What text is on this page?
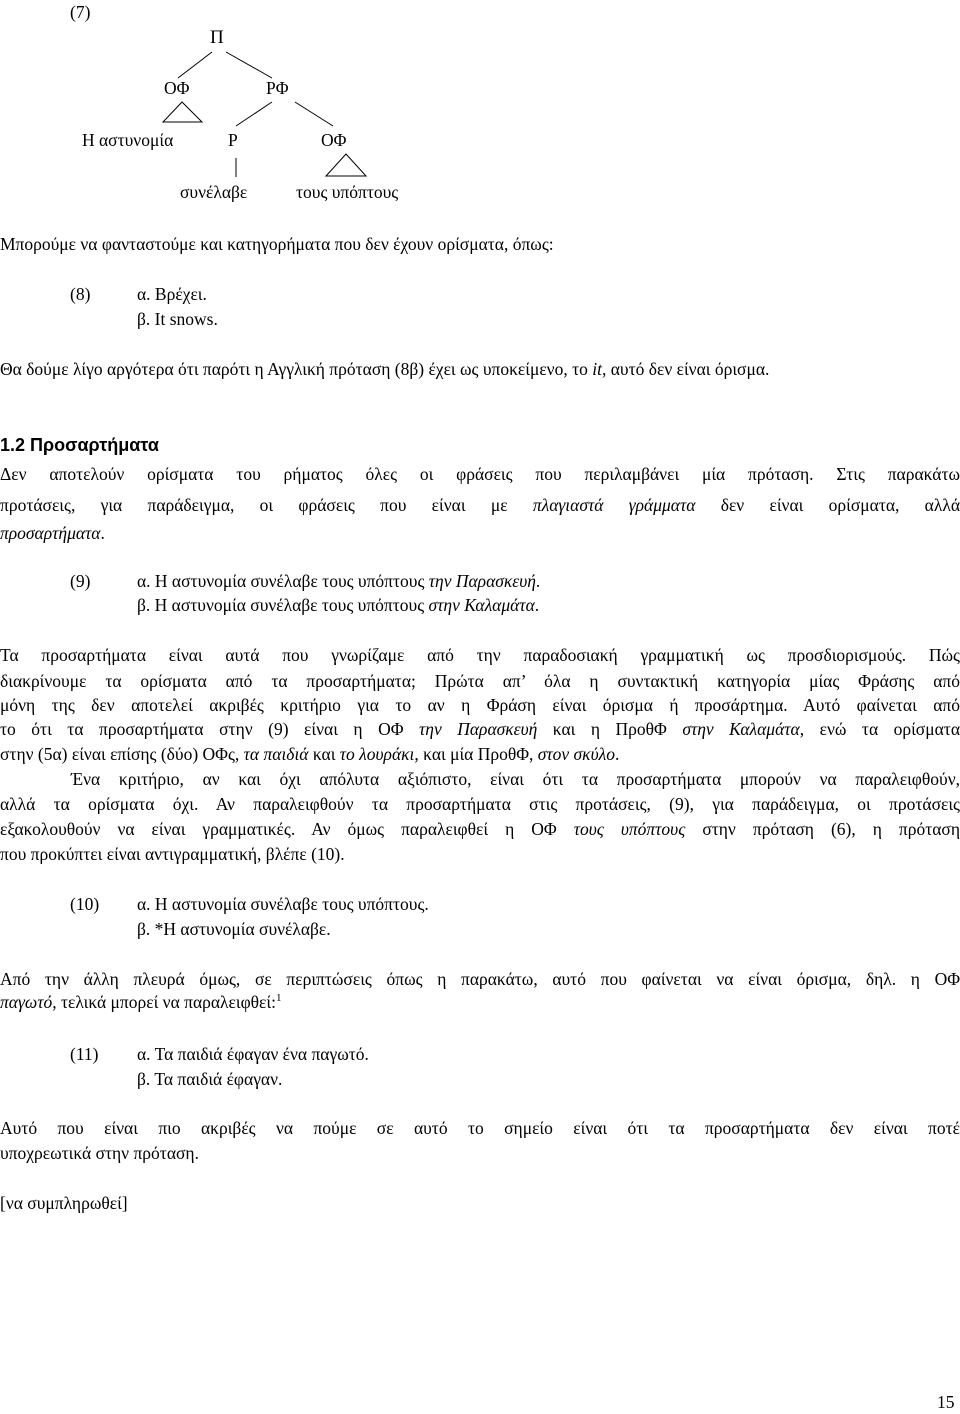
(7)
Π
ΟΦ	ΡΦ
Η αστυνομία	Ρ	ΟΦ
συνέλαβε	τους υπόπτους
Μπορούμε να φανταστούμε και κατηγορήματα που δεν έχουν ορίσματα, όπως:
(8)	α. Βρέχει.
β. It snows.
Θα δούμε λίγο αργότερα ότι παρότι η Αγγλική πρόταση (8β) έχει ως υποκείμενο, το it, αυτό δεν είναι όρισμα.
1.2 Προσαρτήματα
Δεν αποτελούν ορίσματα του ρήματος όλες οι φράσεις που περιλαμβάνει μία πρόταση. Στις παρακάτω
προτάσεις, για παράδειγμα, οι φράσεις που είναι με πλαγιαστά γράμματα δεν είναι ορίσματα, αλλά
προσαρτήματα.
(9)	α. Η αστυνομία συνέλαβε τους υπόπτους την Παρασκευή.
β. Η αστυνομία συνέλαβε τους υπόπτους στην Καλαμάτα.
Τα προσαρτήματα είναι αυτά που γνωρίζαμε από την παραδοσιακή γραμματική ως προσδιορισμούς. Πώς
διακρίνουμε τα ορίσματα από τα προσαρτήματα; Πρώτα απ’ όλα η συντακτική κατηγορία μίας Φράσης από
μόνη της δεν αποτελεί ακριβές κριτήριο για το αν η Φράση είναι όρισμα ή προσάρτημα. Αυτό φαίνεται από
το ότι τα προσαρτήματα στην (9) είναι η ΟΦ την Παρασκευή και η ΠροθΦ στην Καλαμάτα, ενώ τα ορίσματα
στην (5α) είναι επίσης (δύο) ΟΦς, τα παιδιά και το λουράκι, και μία ΠροθΦ, στον σκύλο.
Ένα κριτήριο, αν και όχι απόλυτα αξιόπιστο, είναι ότι τα προσαρτήματα μπορούν να παραλειφθούν,
αλλά τα ορίσματα όχι. Αν παραλειφθούν τα προσαρτήματα στις προτάσεις, (9), για παράδειγμα, οι προτάσεις
εξακολουθούν να είναι γραμματικές. Αν όμως παραλειφθεί η ΟΦ τους υπόπτους στην πρόταση (6), η πρόταση
που προκύπτει είναι αντιγραμματική, βλέπε (10).
(10) α. Η αστυνομία συνέλαβε τους υπόπτους.
β. *Η αστυνομία συνέλαβε.
Από την άλλη πλευρά όμως, σε περιπτώσεις όπως η παρακάτω, αυτό που φαίνεται να είναι όρισμα, δηλ. η ΟΦ
παγωτό, τελικά μπορεί να παραλειφθεί:$^1$
(11) α. Τα παιδιά έφαγαν ένα παγωτό.
β. Τα παιδιά έφαγαν.
Αυτό που είναι πιο ακριβές να πούμε σε αυτό το σημείο είναι ότι τα προσαρτήματα δεν είναι ποτέ
υποχρεωτικά στην πρόταση.
[να συμπληρωθεί]
15
